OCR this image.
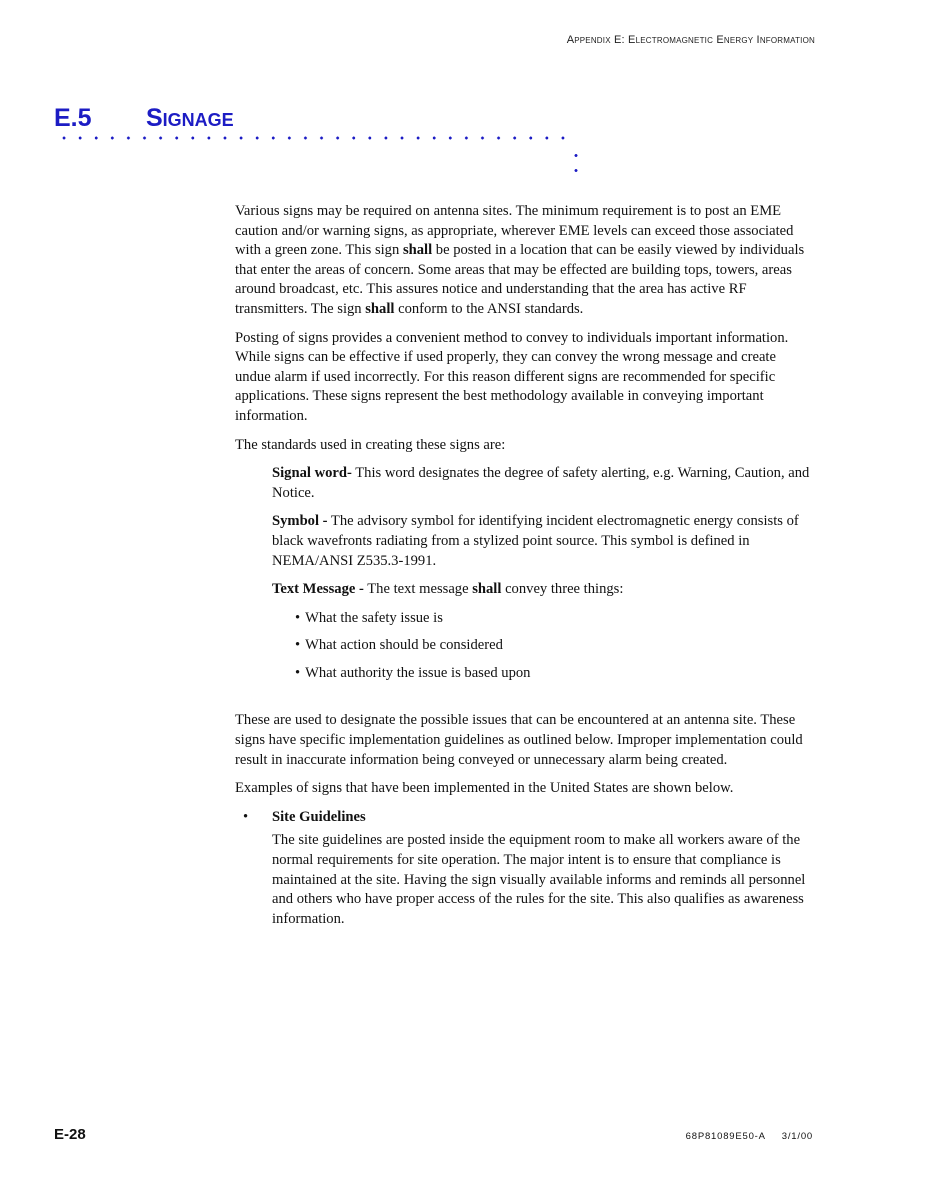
Appendix E: Electromagnetic Energy Information
E.5	Signage

Various signs may be required on antenna sites. The minimum requirement is to post an EME caution and/or warning signs, as appropriate, wherever EME levels can exceed those associated with a green zone. This sign shall be posted in a location that can be easily viewed by individuals that enter the areas of concern. Some areas that may be effected are building tops, towers, areas around broadcast, etc. This assures notice and understanding that the area has active RF transmitters. The sign shall conform to the ANSI standards.

Posting of signs provides a convenient method to convey to individuals important information. While signs can be effective if used properly, they can convey the wrong message and create undue alarm if used incorrectly. For this reason different signs are recommended for specific applications. These signs represent the best methodology available in conveying important information.

The standards used in creating these signs are:

Signal word- This word designates the degree of safety alerting, e.g. Warning, Caution, and Notice.

Symbol - The advisory symbol for identifying incident electromagnetic energy consists of black wavefronts radiating from a stylized point source. This symbol is defined in NEMA/ANSI Z535.3-1991.

Text Message - The text message shall convey three things:

• What the safety issue is
• What action should be considered
• What authority the issue is based upon

These are used to designate the possible issues that can be encountered at an antenna site. These signs have specific implementation guidelines as outlined below. Improper implementation could result in inaccurate information being conveyed or unnecessary alarm being created.

Examples of signs that have been implemented in the United States are shown below.

•	Site Guidelines

The site guidelines are posted inside the equipment room to make all workers aware of the normal requirements for site operation. The major intent is to ensure that compliance is maintained at the site. Having the sign visually available informs and reminds all personnel and others who have proper access of the rules for the site. This also qualifies as awareness information.

E-28	68P81089E50-A 3/1/00
